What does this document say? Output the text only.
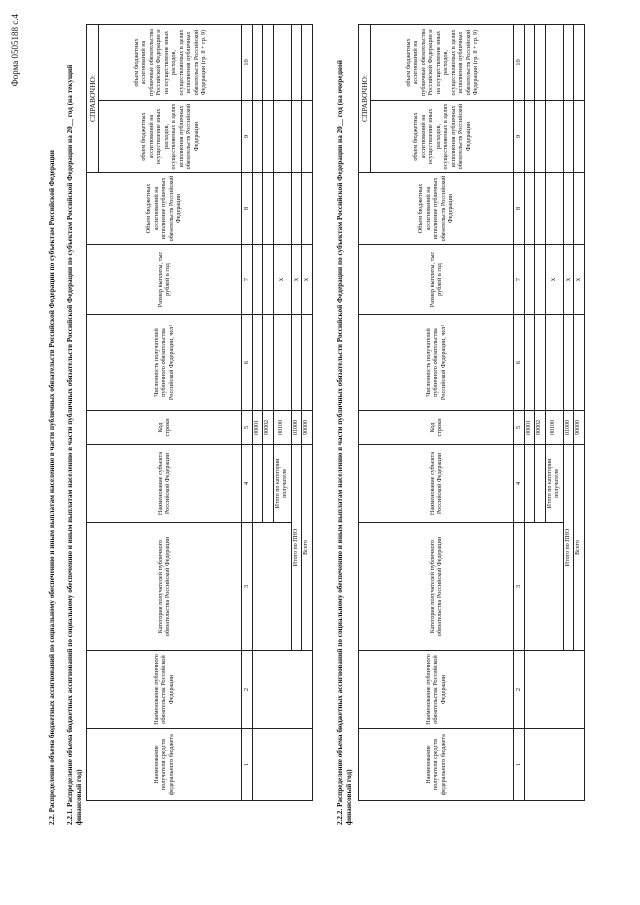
Форма 0505188 с.4
2.2. Распределение объема бюджетных ассигнований по социальному обеспечению и иным выплатам населению в части публичных обязательств Российской Федерации по субъектам Российской Федерации 2.2.1. Распределение объема бюджетных ассигнований по социальному обеспечению и иным выплатам населению в части публичных обязательств Российской Федерации по субъектам Российской Федерации на 20__ год (на текущий финансовый год)
Наименование получателя средств федерального бюджета	Наименование публичного обязательства Российской Федерации	Категория получателей публичного обязательства Российской Федерации	Наименование субъекта Российской Федерации	Код строки	Численность получателей публичного обязательства Российской Федерации, чел¹	Размер выплаты, тыс рублей в год	Объем бюджетных ассигнований на исполнение публичных обязательств Российской Федерации	СПРАВОЧНО:	
								объем бюджетных ассигнований на осуществление иных расходов, осуществляемых в целях исполнения публичных обязательств Российской Федерации	объем бюджетных ассигнований на публичные обязательства Российской Федерации и на осуществление иных расходов, осуществляемых в целях исполнения публичных обязательств Российской Федерации (гр. 8 + гр. 9)
1	2	3	4	5	6	7	8	9	10
				00001					
				00002					
			Итого по категории получателя	00100		x			
		Итого по ПНО		01000		x			
		Всего		90000		x				2.2.2. Распределение объема бюджетных ассигнований по социальному обеспечению и иным выплатам населению в части публичных обязательств Российской Федерации по субъектам Российской Федерации на 20__ год (на очередной финансовый год)
Наименование получателя средств федерального бюджета	Наименование публичного обязательства Российской Федерации	Категория получателей публичного обязательства Российской Федерации	Наименование субъекта Российской Федерации	Код строки	Численность получателей публичного обязательства Российской Федерации, чел¹	Размер выплаты, тыс рублей в год	Объем бюджетных ассигнований на исполнение публичных обязательств Российской Федерации	СПРАВОЧНО:	
								объем бюджетных ассигнований на осуществление иных расходов, осуществляемых в целях исполнения публичных обязательств Российской Федерации	объем бюджетных ассигнований на публичные обязательства Российской Федерации и на осуществление иных расходов, осуществляемых в целях исполнения публичных обязательств Российской Федерации (гр. 8 + гр. 9)
1	2	3	4	5	6	7	8	9	10
				00001					
				00002					
			Итого по категории получателя	00100		x			
		Итого по ПНО		01000		x			
		Всего		90000		x			
